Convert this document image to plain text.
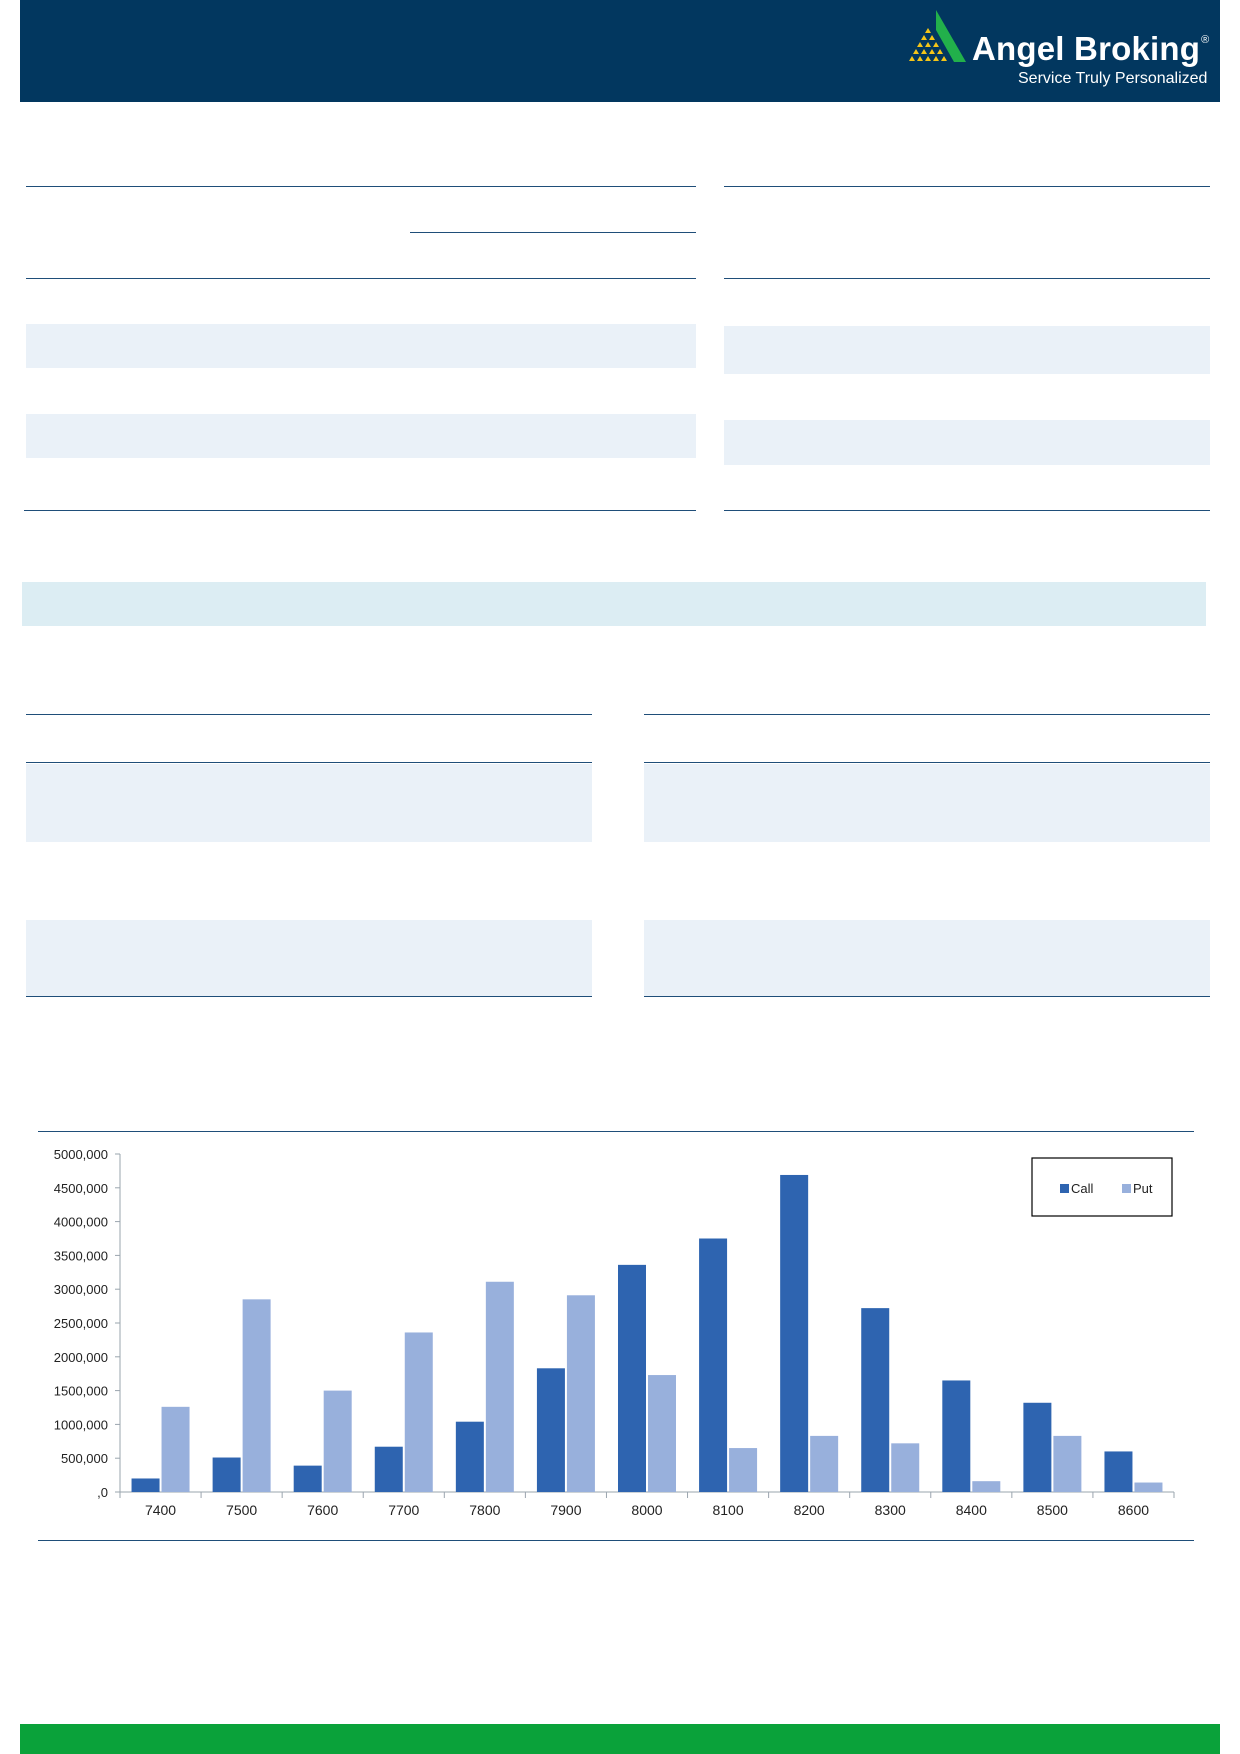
Angel Broking®
Service Truly Personalized
5000,000
4500,000
4000,000
3500,000
3000,000
2500,000
2000,000
1500,000
1000,000
500,000
,0
7400	7500	7600	7700	7800	7900	8000	8100	8200	8300	8400	8500	8600
Call	Put
